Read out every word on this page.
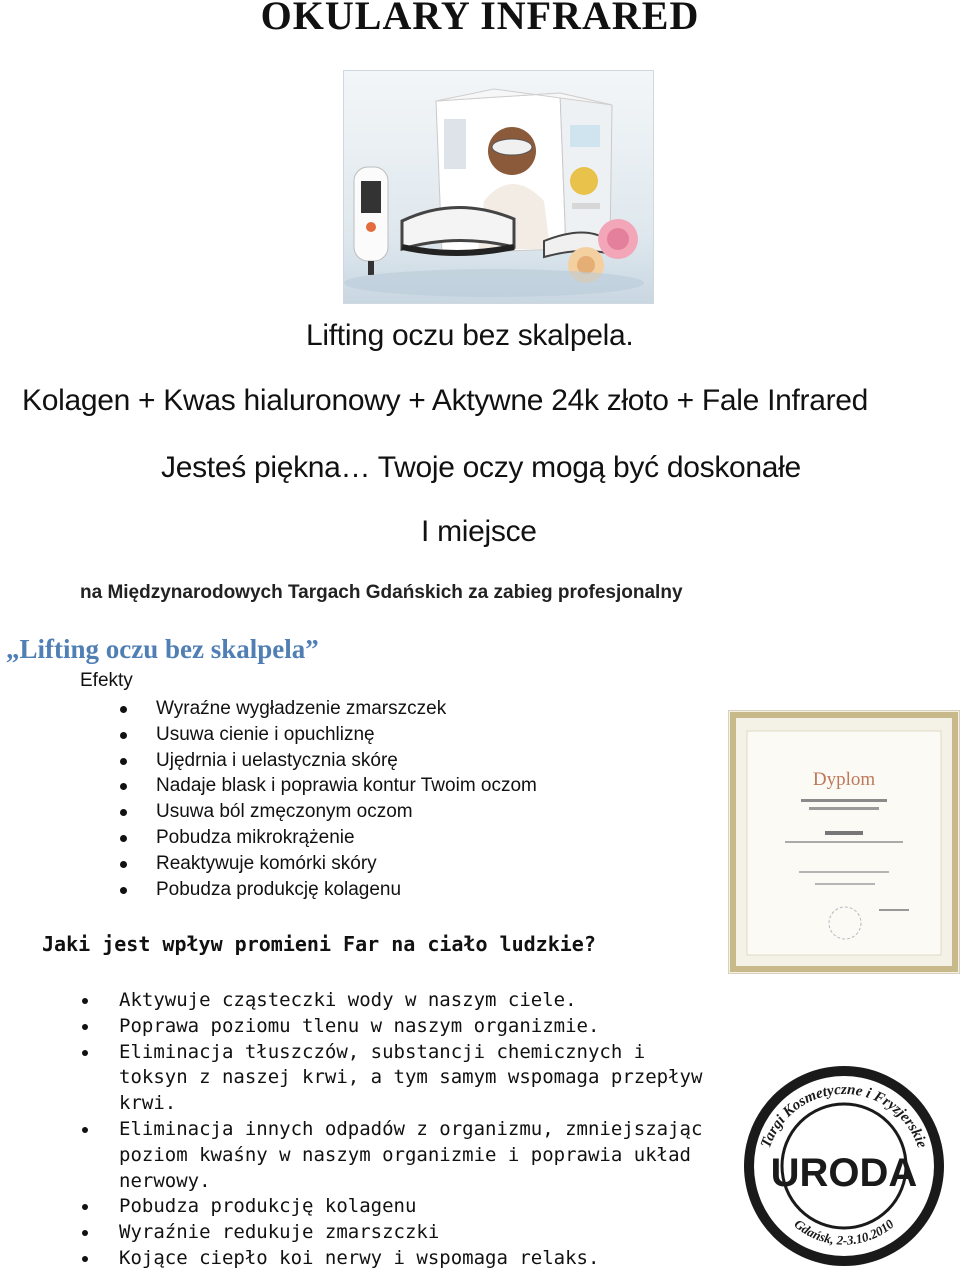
OKULARY INFRARED

Lifting oczu bez skalpela.

Kolagen + Kwas hialuronowy + Aktywne 24k złoto + Fale Infrared

Jesteś piękna… Twoje oczy mogą być doskonałe

I miejsce

na Międzynarodowych Targach Gdańskich za zabieg profesjonalny
„Lifting oczu bez skalpela”
Efekty
Wyraźne wygładzenie zmarszczek
Usuwa cienie i opuchliznę
Ujędrnia i uelastycznia skórę
Nadaje blask i poprawia kontur Twoim oczom
Usuwa ból zmęczonym oczom
Pobudza mikrokrążenie
Reaktywuje komórki skóry
Pobudza produkcję kolagenu
Jaki jest wpływ promieni Far na ciało ludzkie?
Aktywuje cząsteczki wody w naszym ciele.
Poprawa poziomu tlenu w naszym organizmie.
Eliminacja tłuszczów, substancji chemicznych i toksyn z naszej krwi, a tym samym wspomaga przepływ krwi.
Eliminacja innych odpadów z organizmu, zmniejszając poziom kwaśny w naszym organizmie i poprawia układ nerwowy.
Pobudza produkcję kolagenu
Wyraźnie redukuje zmarszczki
Kojące ciepło koi nerwy i wspomaga relaks.
Dyplom
Targi Kosmetyczne i Fryzjerskie
URODA
Gdańsk, 2-3.10.2010
